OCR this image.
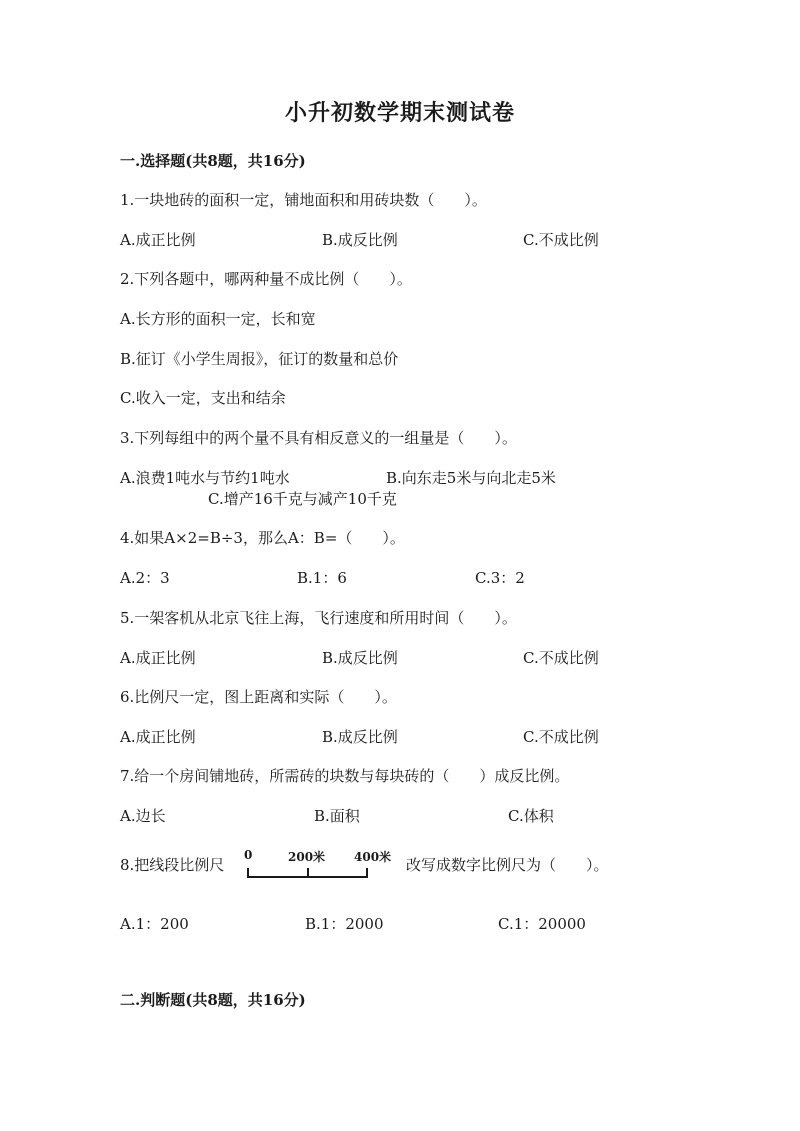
小升初数学期末测试卷
一.选择题(共8题，共16分)
1.一块地砖的面积一定，铺地面积和用砖块数（　　）。
A.成正比例	B.成反比例	C.不成比例
2.下列各题中，哪两种量不成比例（　　）。
A.长方形的面积一定，长和宽
B.征订《小学生周报》，征订的数量和总价
C.收入一定，支出和结余
3.下列每组中的两个量不具有相反意义的一组量是（　　）。
A.浪费1吨水与节约1吨水	B.向东走5米与向北走5米
C.增产16千克与减产10千克
4.如果A×2=B÷3，那么A：B=（　　）。
A.2：3	B.1：6	C.3：2
5.一架客机从北京飞往上海，飞行速度和所用时间（　　）。
A.成正比例	B.成反比例	C.不成比例
6.比例尺一定，图上距离和实际（　　）。
A.成正比例	B.成反比例	C.不成比例
7.给一个房间铺地砖，所需砖的块数与每块砖的（　　）成反比例。
A.边长	B.面积	C.体积
8.把线段比例尺
0	200米 400米 改写成数字比例尺为（　　）。
A.1：200	B.1：2000	C.1：20000
二.判断题(共8题，共16分)
